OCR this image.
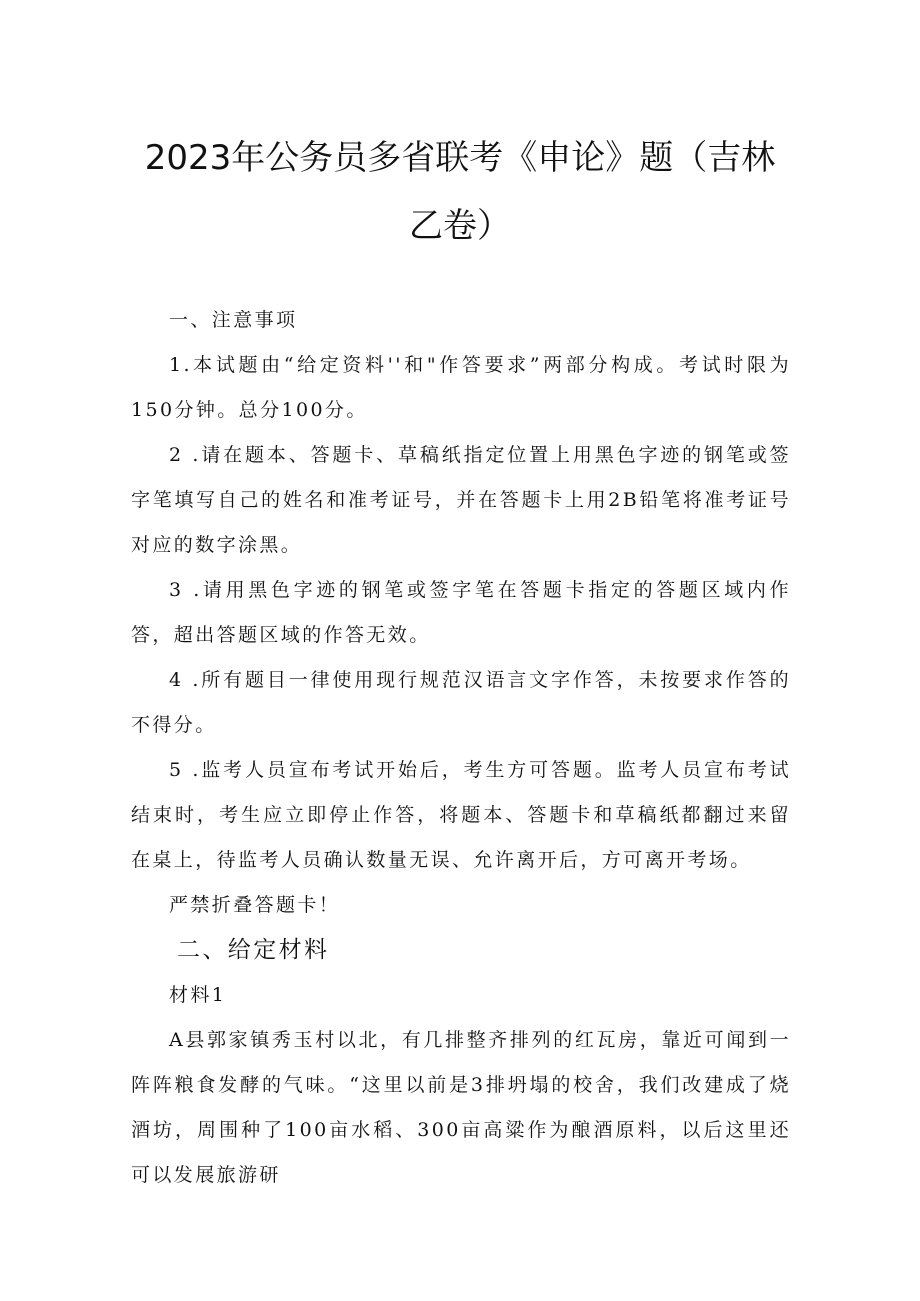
2023年公务员多省联考《申论》题（吉林
乙卷）

一、注意事项

1.本试题由“给定资料''和"作答要求”两部分构成。考试时限为150分钟。总分100分。

2 .请在题本、答题卡、草稿纸指定位置上用黑色字迹的钢笔或签字笔填写自己的姓名和准考证号，并在答题卡上用2B铅笔将准考证号对应的数字涂黑。

3 .请用黑色字迹的钢笔或签字笔在答题卡指定的答题区域内作答，超出答题区域的作答无效。

4 .所有题目一律使用现行规范汉语言文字作答，未按要求作答的不得分。

5 .监考人员宣布考试开始后，考生方可答题。监考人员宣布考试结束时，考生应立即停止作答，将题本、答题卡和草稿纸都翻过来留在桌上，待监考人员确认数量无误、允许离开后，方可离开考场。

严禁折叠答题卡！

二、给定材料

材料1

A县郭家镇秀玉村以北，有几排整齐排列的红瓦房，靠近可闻到一阵阵粮食发酵的气味。“这里以前是3排坍塌的校舍，我们改建成了烧酒坊，周围种了100亩水稻、300亩高粱作为酿酒原料，以后这里还可以发展旅游研
